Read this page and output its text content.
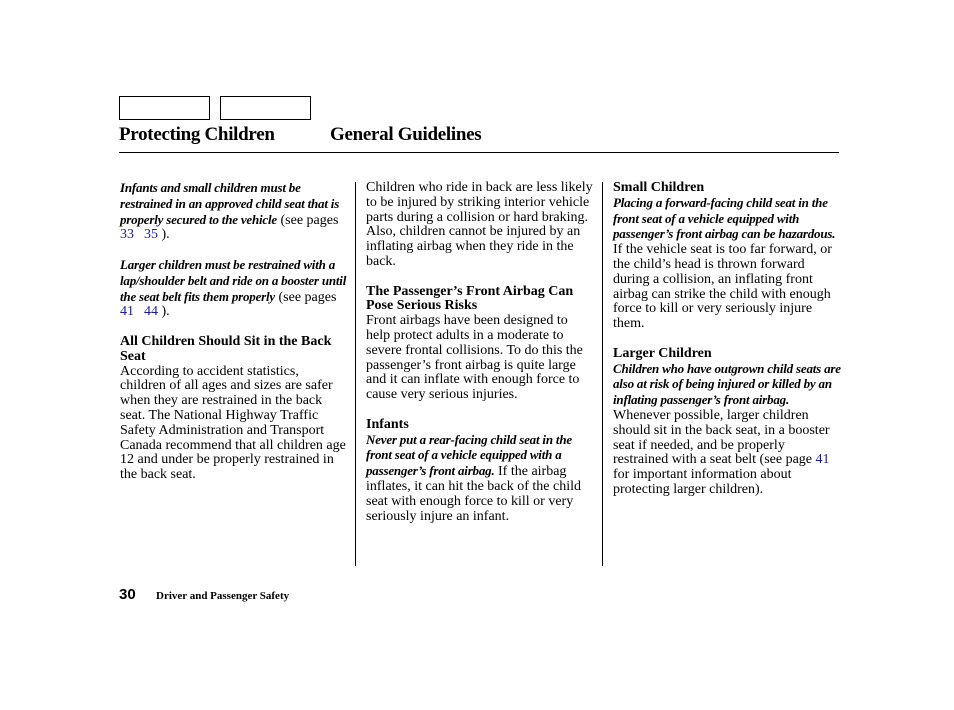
Protecting Children	General Guidelines

Infants and small children must be restrained in an approved child seat that is properly secured to the vehicle (see pages 33 35 ).

Larger children must be restrained with a lap/shoulder belt and ride on a booster until the seat belt fits them properly (see pages 41 44 ).

All Children Should Sit in the Back Seat
According to accident statistics, children of all ages and sizes are safer when they are restrained in the back seat. The National Highway Traffic Safety Administration and Transport Canada recommend that all children age 12 and under be properly restrained in the back seat.

Children who ride in back are less likely to be injured by striking interior vehicle parts during a collision or hard braking. Also, children cannot be injured by an inflating airbag when they ride in the back.

The Passenger’s Front Airbag Can Pose Serious Risks
Front airbags have been designed to help protect adults in a moderate to severe frontal collisions. To do this the passenger’s front airbag is quite large and it can inflate with enough force to cause very serious injuries.

Infants
Never put a rear-facing child seat in the front seat of a vehicle equipped with a passenger’s front airbag. If the airbag inflates, it can hit the back of the child seat with enough force to kill or very seriously injure an infant.

Small Children
Placing a forward-facing child seat in the front seat of a vehicle equipped with passenger’s front airbag can be hazardous. If the vehicle seat is too far forward, or the child’s head is thrown forward during a collision, an inflating front airbag can strike the child with enough force to kill or very seriously injure them.

Larger Children
Children who have outgrown child seats are also at risk of being injured or killed by an inflating passenger’s front airbag. Whenever possible, larger children should sit in the back seat, in a booster seat if needed, and be properly restrained with a seat belt (see page 41 for important information about protecting larger children).

30 Driver and Passenger Safety
